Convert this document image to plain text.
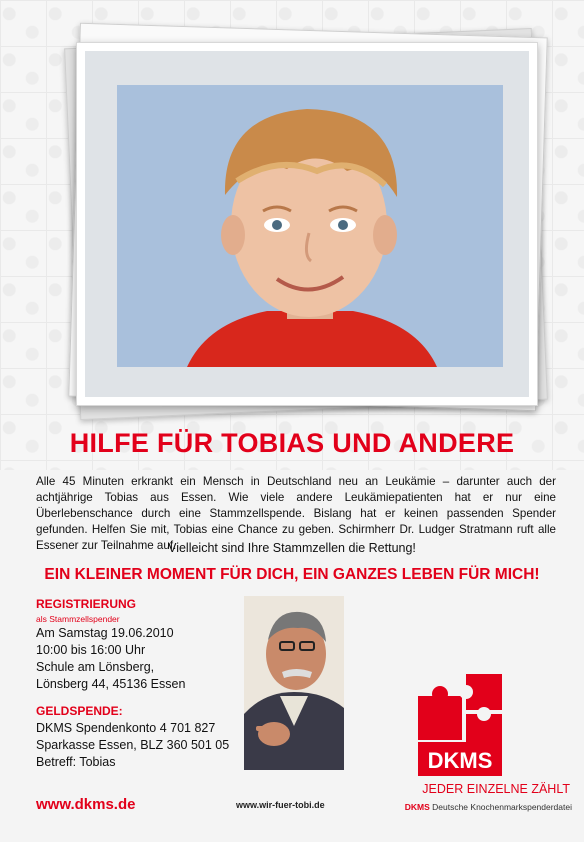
HILFE FÜR TOBIAS UND ANDERE

Alle 45 Minuten erkrankt ein Mensch in Deutschland neu an Leukämie – darunter auch der achtjährige Tobias aus Essen. Wie viele andere Leukämiepatienten hat er nur eine Überlebenschance durch eine Stammzellspende. Bislang hat er keinen passenden Spender gefunden. Helfen Sie mit, Tobias eine Chance zu geben. Schirmherr Dr. Ludger Stratmann ruft alle Essener zur Teilnahme auf.

Vielleicht sind Ihre Stammzellen die Rettung!

EIN KLEINER MOMENT FÜR DICH, EIN GANZES LEBEN FÜR MICH!

REGISTRIERUNG
als Stammzellspender
Am Samstag 19.06.2010
10:00 bis 16:00 Uhr
Schule am Lönsberg,
Lönsberg 44, 45136 Essen
GELDSPENDE:
DKMS Spendenkonto 4 701 827
Sparkasse Essen, BLZ 360 501 05
Betreff: Tobias	DKMS
JEDER EINZELNE ZÄHLT
DKMS Deutsche Knochenmarkspenderdatei
www.dkms.de	www.wir-fuer-tobi.de
